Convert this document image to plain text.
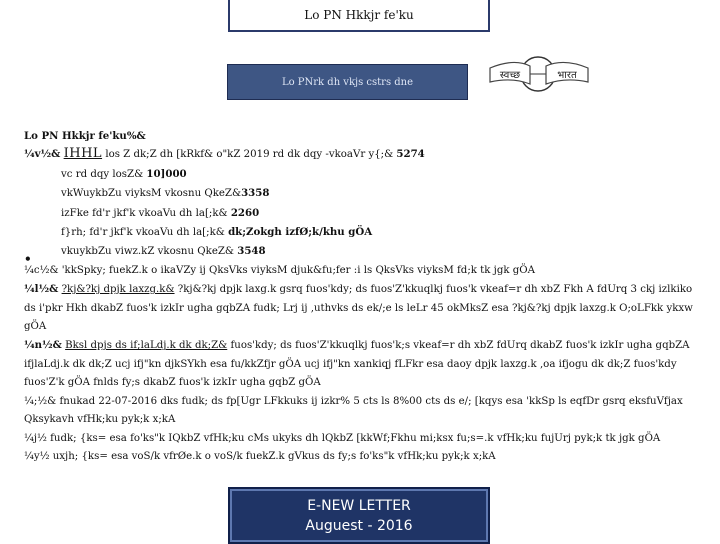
Lo PN Hkkjr fe'ku
Lo PNrk dh vkjs cstrs dne
स्वच्छ	भारत
•

Lo PN Hkkjr fe'ku%&

¼v½& IHHL los Z dk;Z dh [kRkf& o"kZ 2019 rd dk dqy ‐vkoaVr y{;& 5274

vc rd dqy losZ& 10]000

vkWuykbZu viyksM vkosnu QkeZ&3358

izFke fd'r jkf'k vkoaVu dh la[;k& 2260

f}rh; fd'r jkf'k vkoaVu dh la[;k& dk;Zokgh izfØ;k/khu gÖA

vkuykbZu viwz.kZ vkosnu QkeZ& 3548

¼c½& 'kkSpky; fuekZ.k o ikaVZy ij QksVks viyksM djuk&fu;fer :i ls QksVks viyksM fd;k tk jgk gÖA

¼l½& ?kj&?kj dpjk laxzg.k& ?kj&?kj dpjk laxg.k gsrq fuos'kdy; ds fuos'Z'kkuqlkj fuos'k vkeaf=r dh xbZ Fkh A fdUrq 3 ckj izlkiko ds i'pkr Hkh dkabZ fuos'k izkIr ugha gqbZA fudk; Lrj ij ,uthvks ds ek/;e ls leLr 45 okMksZ esa ?kj&?kj dpjk laxzg.k O;oLFkk ykxw gÖA

¼n½& Bksl dpjs ds if;laLdj.k dk dk;Z& fuos'kdy; ds fuos'Z'kkuqlkj fuos'k;s vkeaf=r dh xbZ fdUrq dkabZ fuos'k izkIr ugha gqbZA ifjlaLdj.k dk dk;Z ucj ifj"kn djkSYkh esa fu/kkZfjr gÖA ucj ifj"kn xankiqj fLFkr esa daoy dpjk laxzg.k ,oa ifjogu dk dk;Z fuos'kdy fuos'Z'k gÖA fnlds fy;s dkabZ fuos'k izkIr ugha gqbZ gÖA

¼;½& fnukad 22‐07‐2016 dks fudk; ds fp[Ugr LFkkuks ij izkr% 5 cts ls 8%00 cts ds e/; [kqys esa 'kkSp ls eqfDr gsrq eksfuVfjax Qksykavh vfHk;ku pyk;k x;kA

¼j½ fudk; {ks= esa fo'ks"k IQkbZ vfHk;ku cMs ukyks dh lQkbZ [kkWf;Fkhu mi;ksx fu;s=.k vfHk;ku fujUrj pyk;k tk jgk gÖA

¼y½ uxjh; {ks= esa voS/k vfrØe.k o voS/k fuekZ.k gVkus ds fy;s fo'ks"k vfHk;ku pyk;k x;kA

E-NEW LETTER
Auguest - 2016
